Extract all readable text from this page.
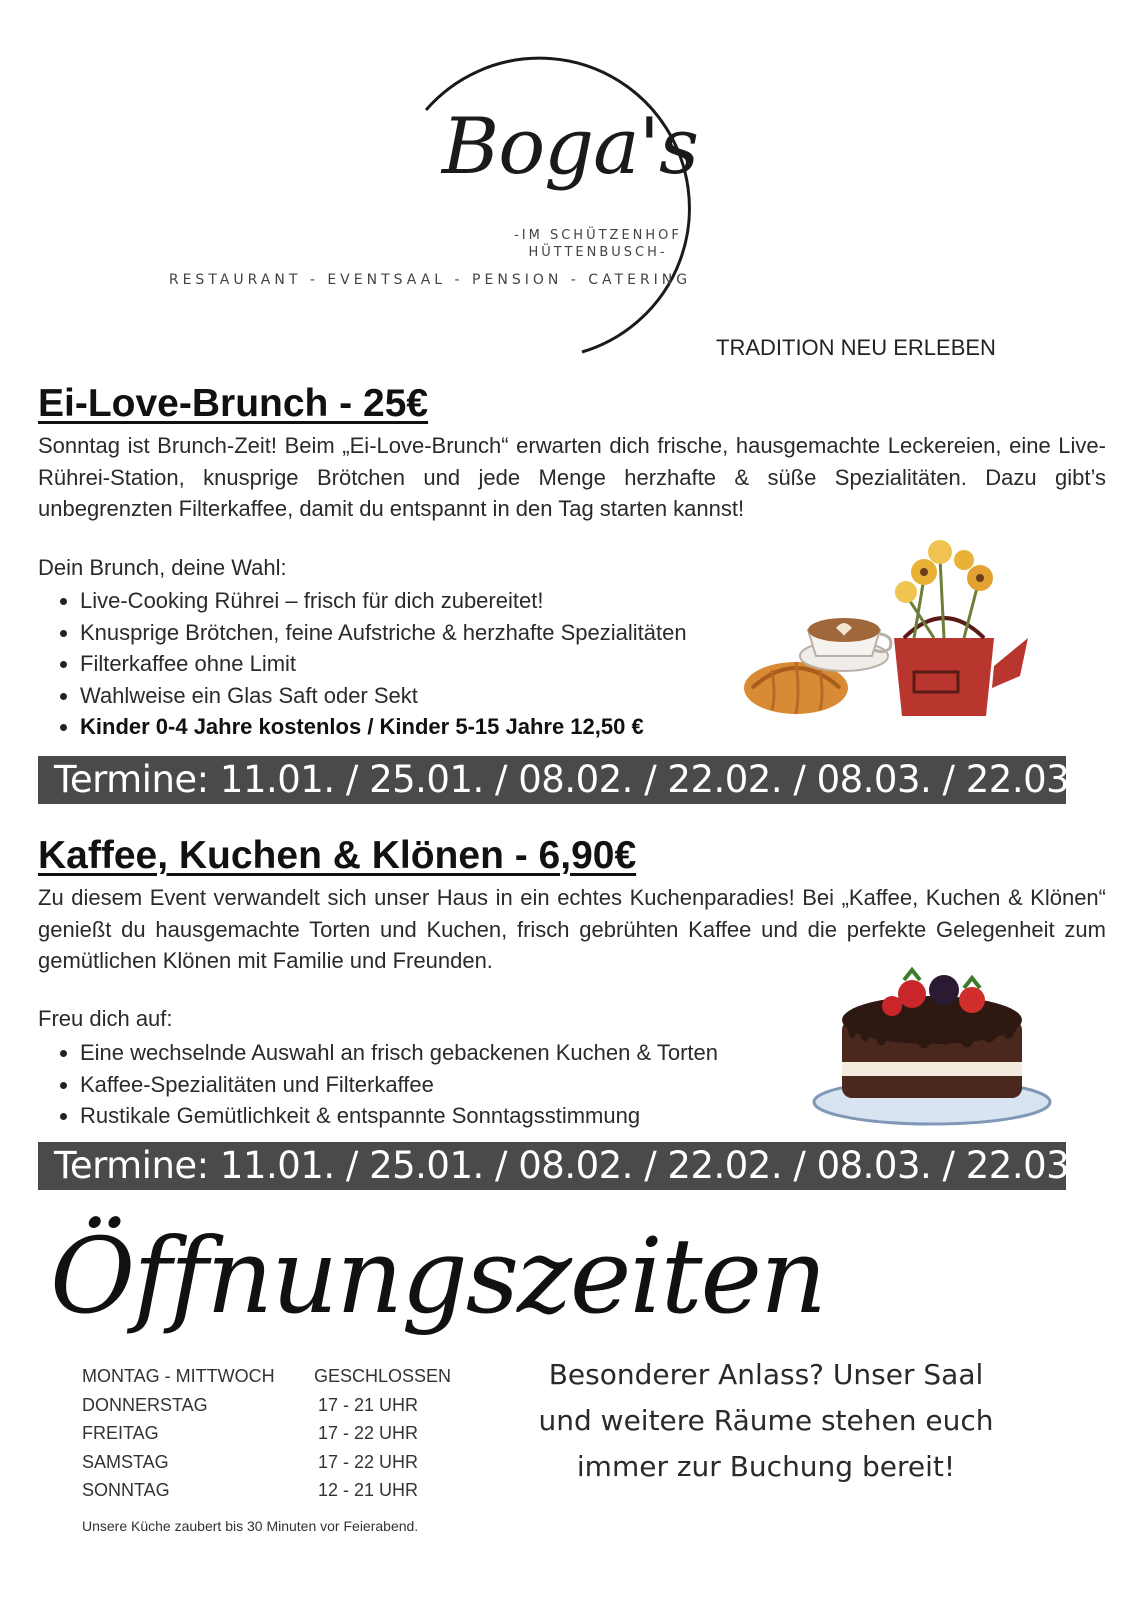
Boga's
-IM SCHÜTZENHOF
HÜTTENBUSCH-
RESTAURANT - EVENTSAAL - PENSION - CATERING
TRADITION NEU ERLEBEN
Ei-Love-Brunch - 25€
Sonntag ist Brunch-Zeit! Beim „Ei-Love-Brunch“ erwarten dich frische, hausgemachte Leckereien, eine Live-Rührei-Station, knusprige Brötchen und jede Menge herzhafte & süße Spezialitäten. Dazu gibt’s unbegrenzten Filterkaffee, damit du entspannt in den Tag starten kannst!
Dein Brunch, deine Wahl:
Live-Cooking Rührei – frisch für dich zubereitet!
Knusprige Brötchen, feine Aufstriche & herzhafte Spezialitäten
Filterkaffee ohne Limit
Wahlweise ein Glas Saft oder Sekt
Kinder 0-4 Jahre kostenlos / Kinder 5-15 Jahre 12,50 €
Termine: 11.01. / 25.01. / 08.02. / 22.02. / 08.03. / 22.03.
Kaffee, Kuchen & Klönen - 6,90€
Zu diesem Event verwandelt sich unser Haus in ein echtes Kuchenparadies! Bei „Kaffee, Kuchen & Klönen“ genießt du hausgemachte Torten und Kuchen, frisch gebrühten Kaffee und die perfekte Gelegenheit zum gemütlichen Klönen mit Familie und Freunden.
Freu dich auf:
Eine wechselnde Auswahl an frisch gebackenen Kuchen & Torten
Kaffee-Spezialitäten und Filterkaffee
Rustikale Gemütlichkeit & entspannte Sonntagsstimmung
Termine: 11.01. / 25.01. / 08.02. / 22.02. / 08.03. / 22.03.
Öffnungszeiten
MONTAG - MITTWOCH	GESCHLOSSEN
DONNERSTAG	17 - 21 UHR
FREITAG	17 - 22 UHR
SAMSTAG	17 - 22 UHR
SONNTAG	12 - 21 UHR
Unsere Küche zaubert bis 30 Minuten vor Feierabend.
Besonderer Anlass? Unser Saal
und weitere Räume stehen euch
immer zur Buchung bereit!
